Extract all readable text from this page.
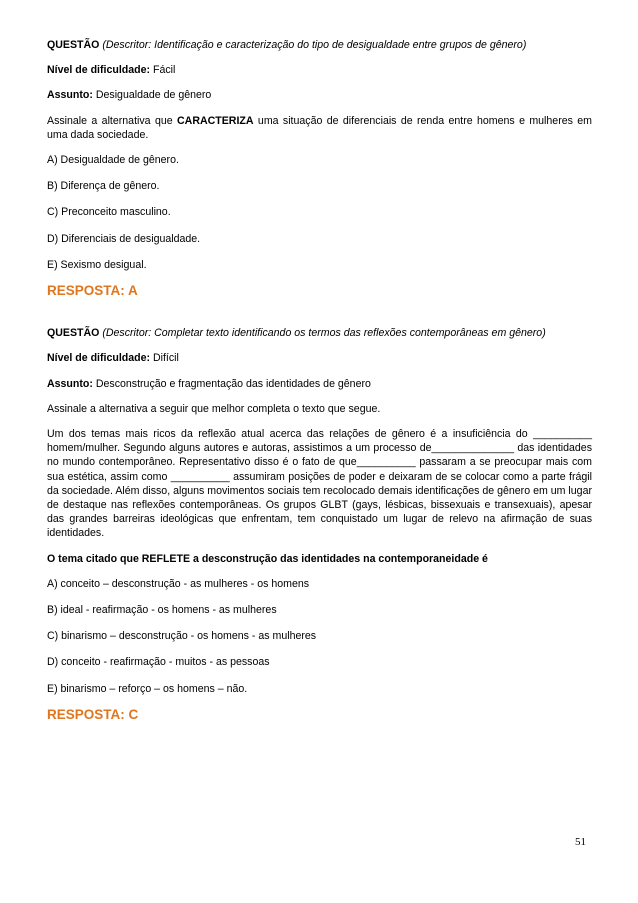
QUESTÃO (Descritor: Identificação e caracterização do tipo de desigualdade entre grupos de gênero)

Nível de dificuldade: Fácil

Assunto: Desigualdade de gênero

Assinale a alternativa que CARACTERIZA uma situação de diferenciais de renda entre homens e mulheres em uma dada sociedade.

A) Desigualdade de gênero.

B) Diferença de gênero.

C) Preconceito masculino.

D) Diferenciais de desigualdade.

E) Sexismo desigual.

RESPOSTA: A

QUESTÃO (Descritor: Completar texto identificando os termos das reflexões contemporâneas em gênero)

Nível de dificuldade: Difícil

Assunto: Desconstrução e fragmentação das identidades de gênero

Assinale a alternativa a seguir que melhor completa o texto que segue.

Um dos temas mais ricos da reflexão atual acerca das relações de gênero é a insuficiência do __________ homem/mulher. Segundo alguns autores e autoras, assistimos a um processo de______________ das identidades no mundo contemporâneo. Representativo disso é o fato de que__________ passaram a se preocupar mais com sua estética, assim como __________ assumiram posições de poder e deixaram de se colocar como a parte frágil da sociedade. Além disso, alguns movimentos sociais tem recolocado demais identificações de gênero em um lugar de destaque nas reflexões contemporâneas. Os grupos GLBT (gays, lésbicas, bissexuais e transexuais), apesar das grandes barreiras ideológicas que enfrentam, tem conquistado um lugar de relevo na afirmação de suas identidades.

O tema citado que REFLETE a desconstrução das identidades na contemporaneidade é

A) conceito – desconstrução - as mulheres - os homens

B) ideal - reafirmação - os homens - as mulheres

C) binarismo – desconstrução - os homens - as mulheres

D) conceito - reafirmação - muitos - as pessoas

E) binarismo – reforço – os homens – não.

RESPOSTA: C

51
